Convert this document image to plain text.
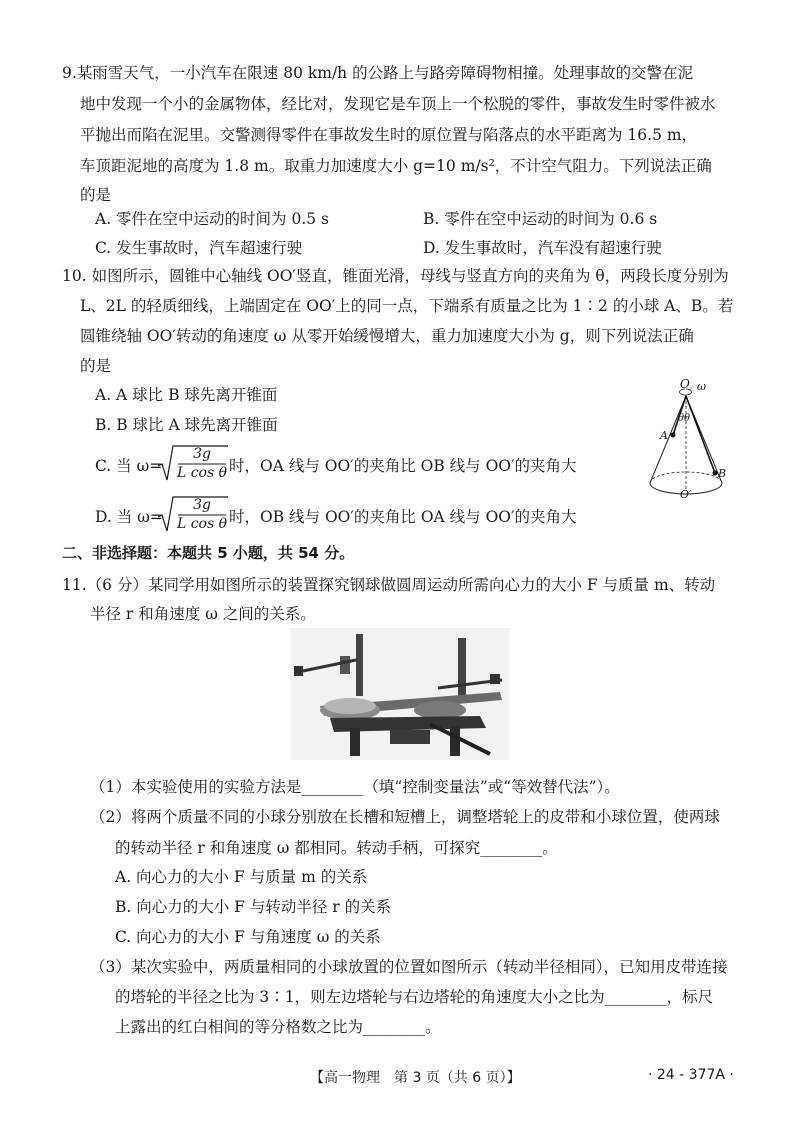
9.某雨雪天气，一小汽车在限速 80 km/h 的公路上与路旁障碍物相撞。处理事故的交警在泥
地中发现一个小的金属物体，经比对，发现它是车顶上一个松脱的零件，事故发生时零件被水
平抛出而陷在泥里。交警测得零件在事故发生时的原位置与陷落点的水平距离为 16.5 m，
车顶距泥地的高度为 1.8 m。取重力加速度大小 g=10 m/s²，不计空气阻力。下列说法正确
的是
A. 零件在空中运动的时间为 0.5 s	B. 零件在空中运动的时间为 0.6 s
C. 发生事故时，汽车超速行驶	D. 发生事故时，汽车没有超速行驶
10. 如图所示，圆锥中心轴线 OO′竖直，锥面光滑，母线与竖直方向的夹角为 θ，两段长度分别为
L、2L 的轻质细线，上端固定在 OO′上的同一点，下端系有质量之比为 1∶2 的小球 A、B。若
圆锥绕轴 OO′转动的角速度 ω 从零开始缓慢增大，重力加速度大小为 g，则下列说法正确
的是
A. A 球比 B 球先离开锥面
B. B 球比 A 球先离开锥面
C. 当 ω=
3g
L cos θ 时，OA 线与 OO′的夹角比 OB 线与 OO′的夹角大
D. 当 ω=
3g
L cos θ 时，OB 线与 OO′的夹角比 OA 线与 OO′的夹角大
O ω
A
B
θθ
O′
二、非选择题：本题共 5 小题，共 54 分。
11.（6 分）某同学用如图所示的装置探究钢球做圆周运动所需向心力的大小 F 与质量 m、转动
半径 r 和角速度 ω 之间的关系。
（1）本实验使用的实验方法是________（填“控制变量法”或“等效替代法”）。
（2）将两个质量不同的小球分别放在长槽和短槽上，调整塔轮上的皮带和小球位置，使两球
的转动半径 r 和角速度 ω 都相同。转动手柄，可探究________。
A. 向心力的大小 F 与质量 m 的关系
B. 向心力的大小 F 与转动半径 r 的关系
C. 向心力的大小 F 与角速度 ω 的关系
（3）某次实验中，两质量相同的小球放置的位置如图所示（转动半径相同），已知用皮带连接
的塔轮的半径之比为 3∶1，则左边塔轮与右边塔轮的角速度大小之比为________，标尺
上露出的红白相间的等分格数之比为________。
【高一物理　第 3 页（共 6 页）】	· 24 - 377A ·
